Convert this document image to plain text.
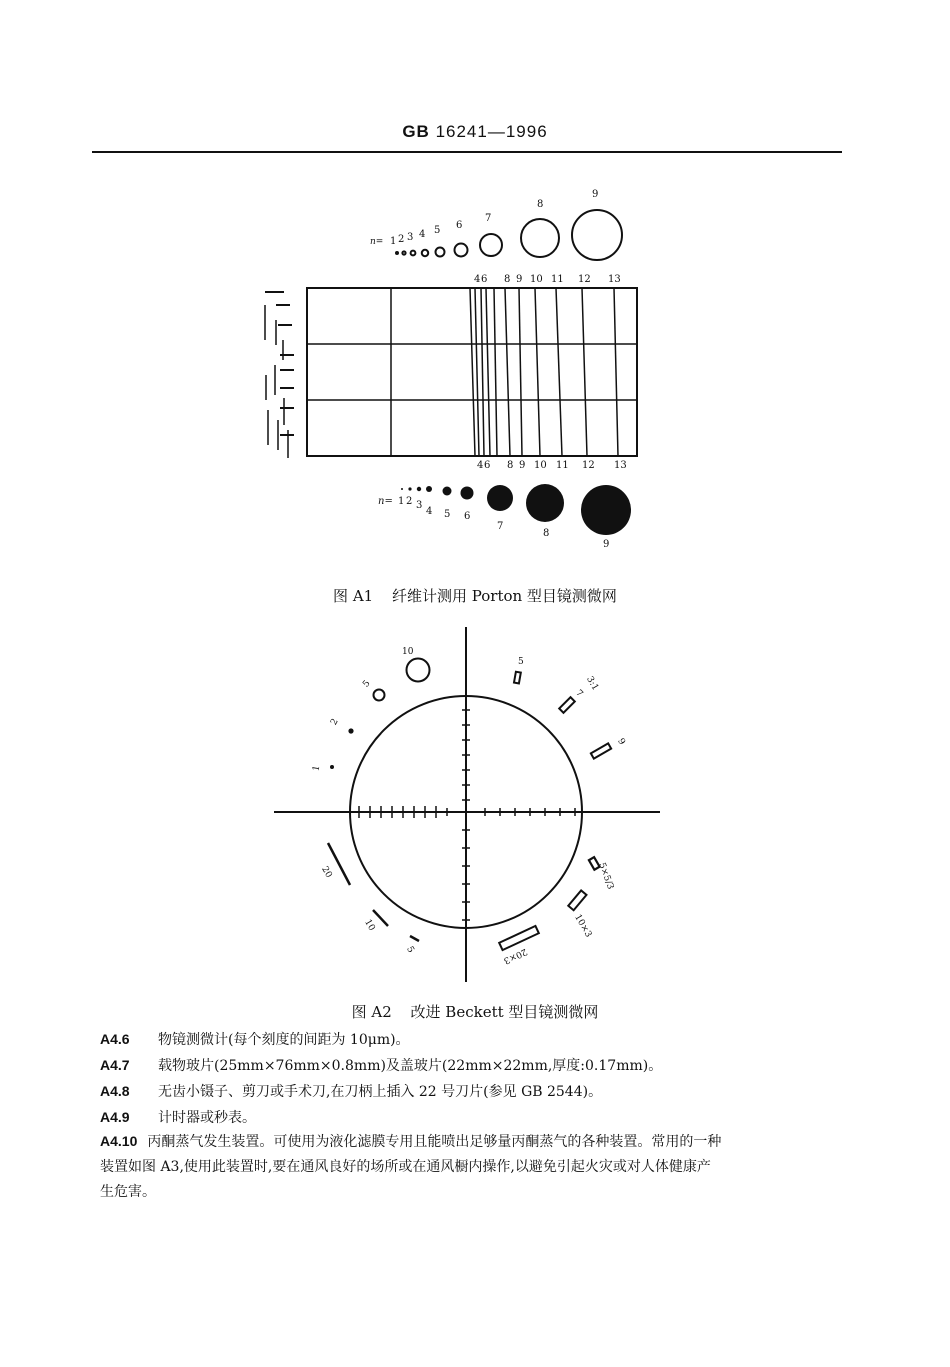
GB 16241—1996
n= 1 2 3 4 5 6
7
8
9
4 6 8 9 10 11 12 13
4 6 8 9 10 11 12 13
n= 1 2 3
4 5 6
7
8
9
1
2
5
10
5
3:1
7
9
20
10
5
5×5/3
10×3
20×3
图 A1 纤维计测用 Porton 型目镜测微网
图 A2 改进 Beckett 型目镜测微网
A4.6 物镜测微计(每个刻度的间距为 10μm)。
A4.7 载物玻片(25mm×76mm×0.8mm)及盖玻片(22mm×22mm,厚度:0.17mm)。
A4.8 无齿小镊子、剪刀或手术刀,在刀柄上插入 22 号刀片(参见 GB 2544)。
A4.9 计时器或秒表。
A4.10 丙酮蒸气发生装置。可使用为液化滤膜专用且能喷出足够量丙酮蒸气的各种装置。常用的一种
装置如图 A3,使用此装置时,要在通风良好的场所或在通风橱内操作,以避免引起火灾或对人体健康产
生危害。
